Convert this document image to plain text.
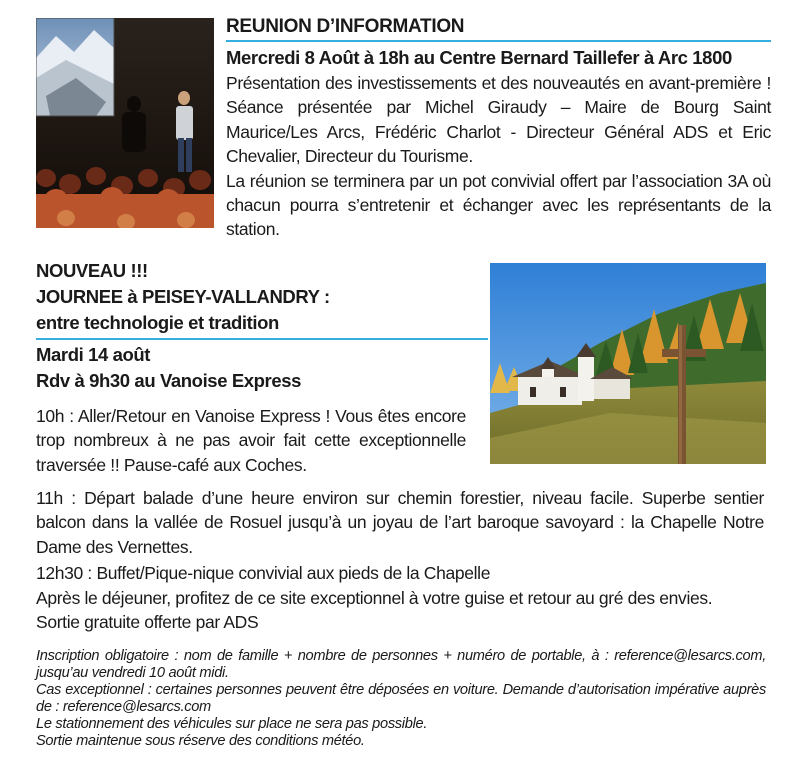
REUNION D’INFORMATION
Mercredi 8 Août à 18h au Centre Bernard Taillefer à Arc 1800

Présentation des investissements et des nouveautés en avant-première ! Séance présentée par Michel Giraudy – Maire de Bourg Saint Maurice/Les Arcs, Frédéric Charlot - Directeur Général ADS et Eric Chevalier, Directeur du Tourisme.

La réunion se terminera par un pot convivial offert par l’association 3A où chacun pourra s’entretenir et échanger avec les représentants de la station.

NOUVEAU !!!
JOURNEE à PEISEY-VALLANDRY :
entre technologie et tradition
Mardi 14 août
Rdv à 9h30 au Vanoise Express

10h : Aller/Retour en Vanoise Express ! Vous êtes encore trop nombreux à ne pas avoir fait cette exceptionnelle traversée !! Pause-café aux Coches.

11h : Départ balade d’une heure environ sur chemin forestier, niveau facile. Superbe sentier balcon dans la vallée de Rosuel jusqu’à un joyau de l’art baroque savoyard : la Chapelle Notre Dame des Vernettes.

12h30 : Buffet/Pique-nique convivial aux pieds de la Chapelle

Après le déjeuner, profitez de ce site exceptionnel à votre guise et retour au gré des envies.

Sortie gratuite offerte par ADS

Inscription obligatoire : nom de famille + nombre de personnes + numéro de portable, à : reference@lesarcs.com, jusqu’au vendredi 10 août midi.

Cas exceptionnel : certaines personnes peuvent être déposées en voiture. Demande d’autorisation impérative auprès de : reference@lesarcs.com

Le stationnement des véhicules sur place ne sera pas possible.

Sortie maintenue sous réserve des conditions météo.
